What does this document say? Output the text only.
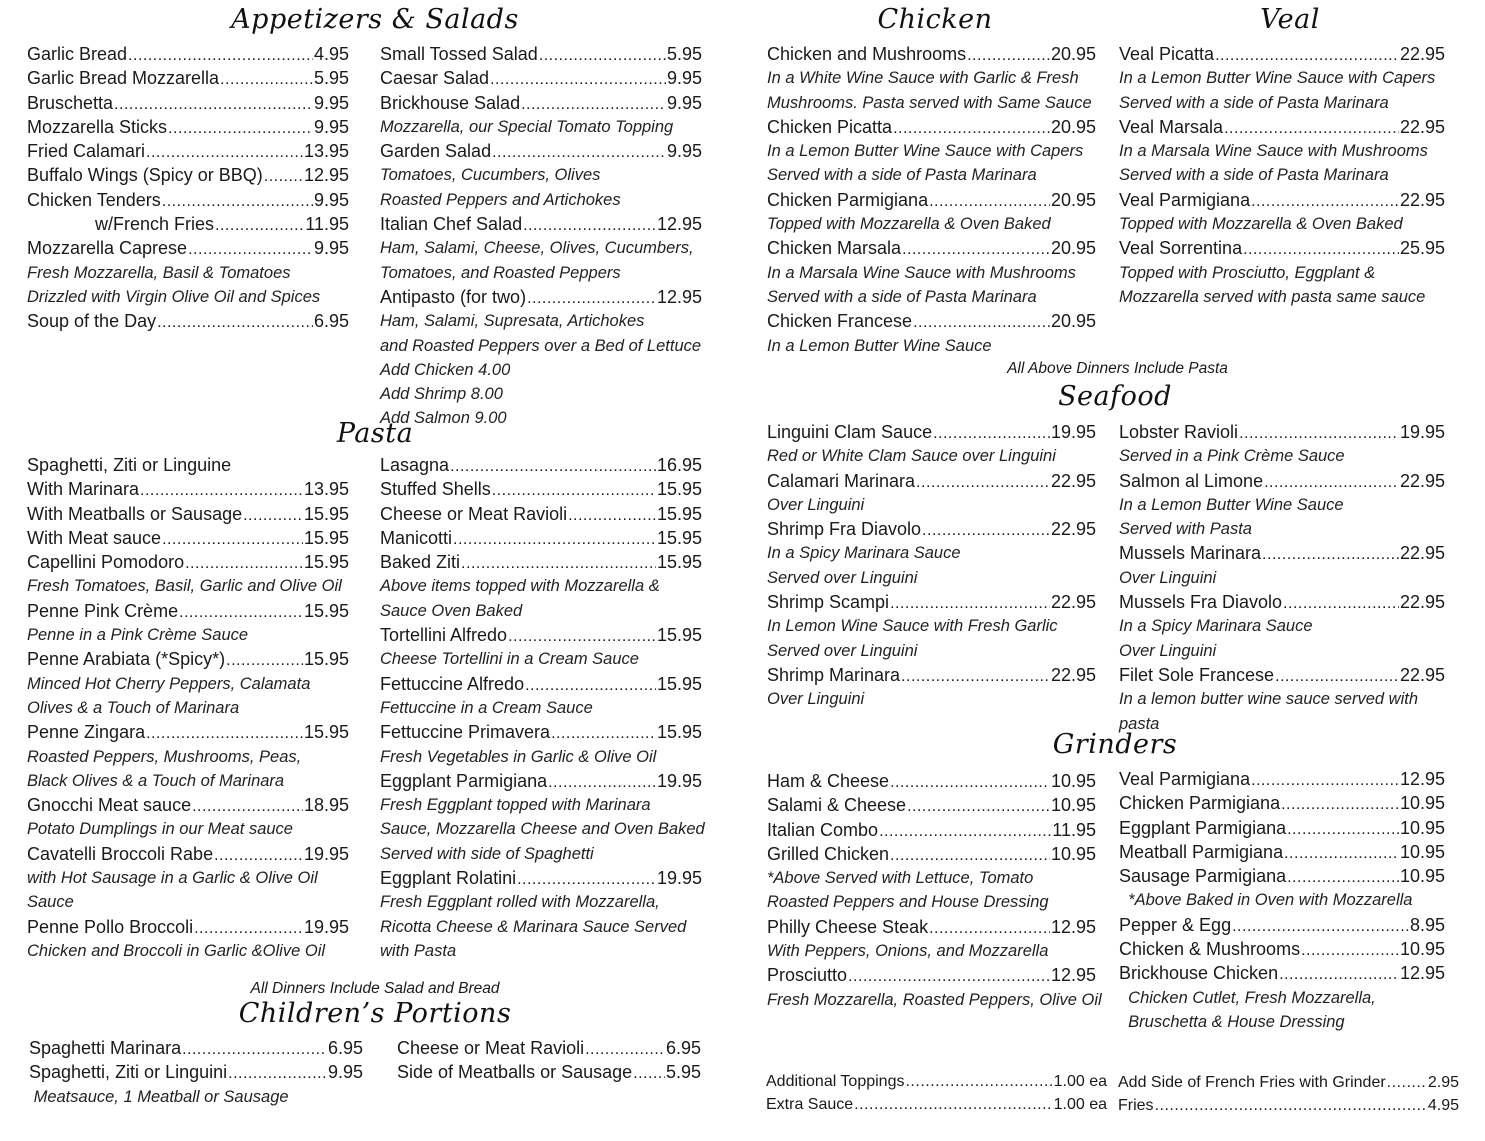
Appetizers & Salads
Pasta
Children’s Portions
Chicken	Veal
Seafood
Grinders
All Dinners Include Salad and Bread
All Above Dinners Include Pasta
Garlic Bread .....	4.95
Garlic Bread Mozzarella .....	5.95
Bruschetta .....	9.95
Mozzarella Sticks .....	9.95
Fried Calamari .....	13.95
Buffalo Wings (Spicy or BBQ) ..... 12.95
Chicken Tenders .....	9.95
w/French Fries .....	11.95
Mozzarella Caprese .....	9.95
Fresh Mozzarella, Basil & Tomatoes
Drizzled with Virgin Olive Oil and Spices
Soup of the Day .....	6.95
Small Tossed Salad .....	5.95
Caesar Salad .....	9.95
Brickhouse Salad .....	9.95
Mozzarella, our Special Tomato Topping
Garden Salad .....	9.95
Tomatoes, Cucumbers, Olives
Roasted Peppers and Artichokes
Italian Chef Salad .....	12.95
Ham, Salami, Cheese, Olives, Cucumbers,
Tomatoes, and Roasted Peppers
Antipasto (for two) .....	12.95
Ham, Salami, Supresata, Artichokes
and Roasted Peppers over a Bed of Lettuce
Add Chicken 4.00
Add Shrimp 8.00
Add Salmon 9.00
Spaghetti, Ziti or Linguine
With Marinara .....	13.95
With Meatballs or Sausage .....	15.95
With Meat sauce .....	15.95
Capellini Pomodoro .....	15.95
Fresh Tomatoes, Basil, Garlic and Olive Oil
Penne Pink Crème .....	15.95
Penne in a Pink Crème Sauce
Penne Arabiata (*Spicy*) .....	15.95
Minced Hot Cherry Peppers, Calamata
Olives & a Touch of Marinara
Penne Zingara .....	15.95
Roasted Peppers, Mushrooms, Peas,
Black Olives & a Touch of Marinara
Gnocchi Meat sauce .....	18.95
Potato Dumplings in our Meat sauce
Cavatelli Broccoli Rabe .....	19.95
with Hot Sausage in a Garlic & Olive Oil
Sauce
Penne Pollo Broccoli .....	19.95
Chicken and Broccoli in Garlic &Olive Oil
Lasagna .....	16.95
Stuffed Shells .....	15.95
Cheese or Meat Ravioli .....	15.95
Manicotti .....	15.95
Baked Ziti .....	15.95
Above items topped with Mozzarella &
Sauce Oven Baked
Tortellini Alfredo .....	15.95
Cheese Tortellini in a Cream Sauce
Fettuccine Alfredo .....	15.95
Fettuccine in a Cream Sauce
Fettuccine Primavera .....	15.95
Fresh Vegetables in Garlic & Olive Oil
Eggplant Parmigiana .....	19.95
Fresh Eggplant topped with Marinara
Sauce, Mozzarella Cheese and Oven Baked
Served with side of Spaghetti
Eggplant Rolatini .....	19.95
Fresh Eggplant rolled with Mozzarella,
Ricotta Cheese & Marinara Sauce Served
with Pasta
Spaghetti Marinara .....	6.95
Spaghetti, Ziti or Linguini .....	9.95
Meatsauce, 1 Meatball or Sausage
Cheese or Meat Ravioli .....	6.95
Side of Meatballs or Sausage ..... 5.95
Chicken and Mushrooms .....	20.95
In a White Wine Sauce with Garlic & Fresh
Mushrooms. Pasta served with Same Sauce
Chicken Picatta .....	20.95
In a Lemon Butter Wine Sauce with Capers
Served with a side of Pasta Marinara
Chicken Parmigiana .....	20.95
Topped with Mozzarella & Oven Baked
Chicken Marsala .....	20.95
In a Marsala Wine Sauce with Mushrooms
Served with a side of Pasta Marinara
Chicken Francese .....	20.95
In a Lemon Butter Wine Sauce
Veal Picatta .....	22.95
In a Lemon Butter Wine Sauce with Capers
Served with a side of Pasta Marinara
Veal Marsala .....	22.95
In a Marsala Wine Sauce with Mushrooms
Served with a side of Pasta Marinara
Veal Parmigiana .....	22.95
Topped with Mozzarella & Oven Baked
Veal Sorrentina .....	25.95
Topped with Prosciutto, Eggplant &
Mozzarella served with pasta same sauce
Linguini Clam Sauce .....	19.95
Red or White Clam Sauce over Linguini
Calamari Marinara .....	22.95
Over Linguini
Shrimp Fra Diavolo .....	22.95
In a Spicy Marinara Sauce
Served over Linguini
Shrimp Scampi .....	22.95
In Lemon Wine Sauce with Fresh Garlic
Served over Linguini
Shrimp Marinara .....	22.95
Over Linguini
Lobster Ravioli .....	19.95
Served in a Pink Crème Sauce
Salmon al Limone .....	22.95
In a Lemon Butter Wine Sauce
Served with Pasta
Mussels Marinara .....	22.95
Over Linguini
Mussels Fra Diavolo .....	22.95
In a Spicy Marinara Sauce
Over Linguini
Filet Sole Francese .....	22.95
In a lemon butter wine sauce served with
pasta
Ham & Cheese .....	10.95
Salami & Cheese .....	10.95
Italian Combo .....	11.95
Grilled Chicken .....	10.95
*Above Served with Lettuce, Tomato
Roasted Peppers and House Dressing
Philly Cheese Steak .....	12.95
With Peppers, Onions, and Mozzarella
Prosciutto .....	12.95
Fresh Mozzarella, Roasted Peppers, Olive Oil
Veal Parmigiana .....	12.95
Chicken Parmigiana .....	10.95
Eggplant Parmigiana .....	10.95
Meatball Parmigiana .....	10.95
Sausage Parmigiana .....	10.95
*Above Baked in Oven with Mozzarella
Pepper & Egg .....	8.95
Chicken & Mushrooms .....	10.95
Brickhouse Chicken .....	12.95
Chicken Cutlet, Fresh Mozzarella,
Bruschetta & House Dressing
Additional Toppings .....	1.00 ea
Extra Sauce .....	1.00 ea
Add Side of French Fries with Grinder .....	2.95
Fries .....	4.95
